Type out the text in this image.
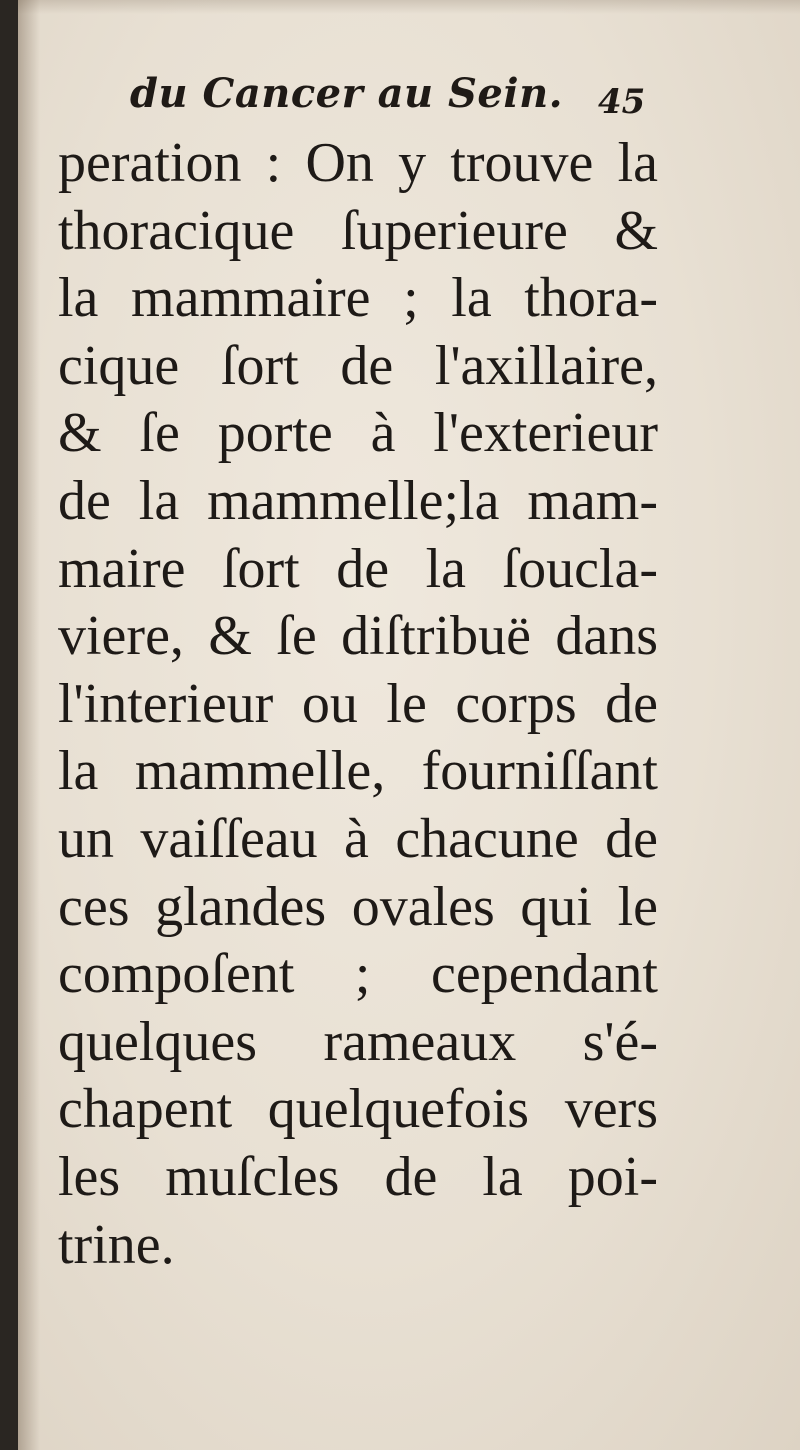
du Cancer au Sein. 45
peration : On y trouve la
thoracique ſuperieure &
la mammaire ; la thora-
cique ſort de l'axillaire,
& ſe porte à l'exterieur
de la mammelle;la mam-
maire ſort de la ſoucla-
viere, & ſe diſtribuë dans
l'interieur ou le corps de
la mammelle, fourniſſant
un vaiſſeau à chacune de
ces glandes ovales qui le
compoſent ; cependant
quelques rameaux s'é-
chapent quelquefois vers
les muſcles de la poi-
trine.
